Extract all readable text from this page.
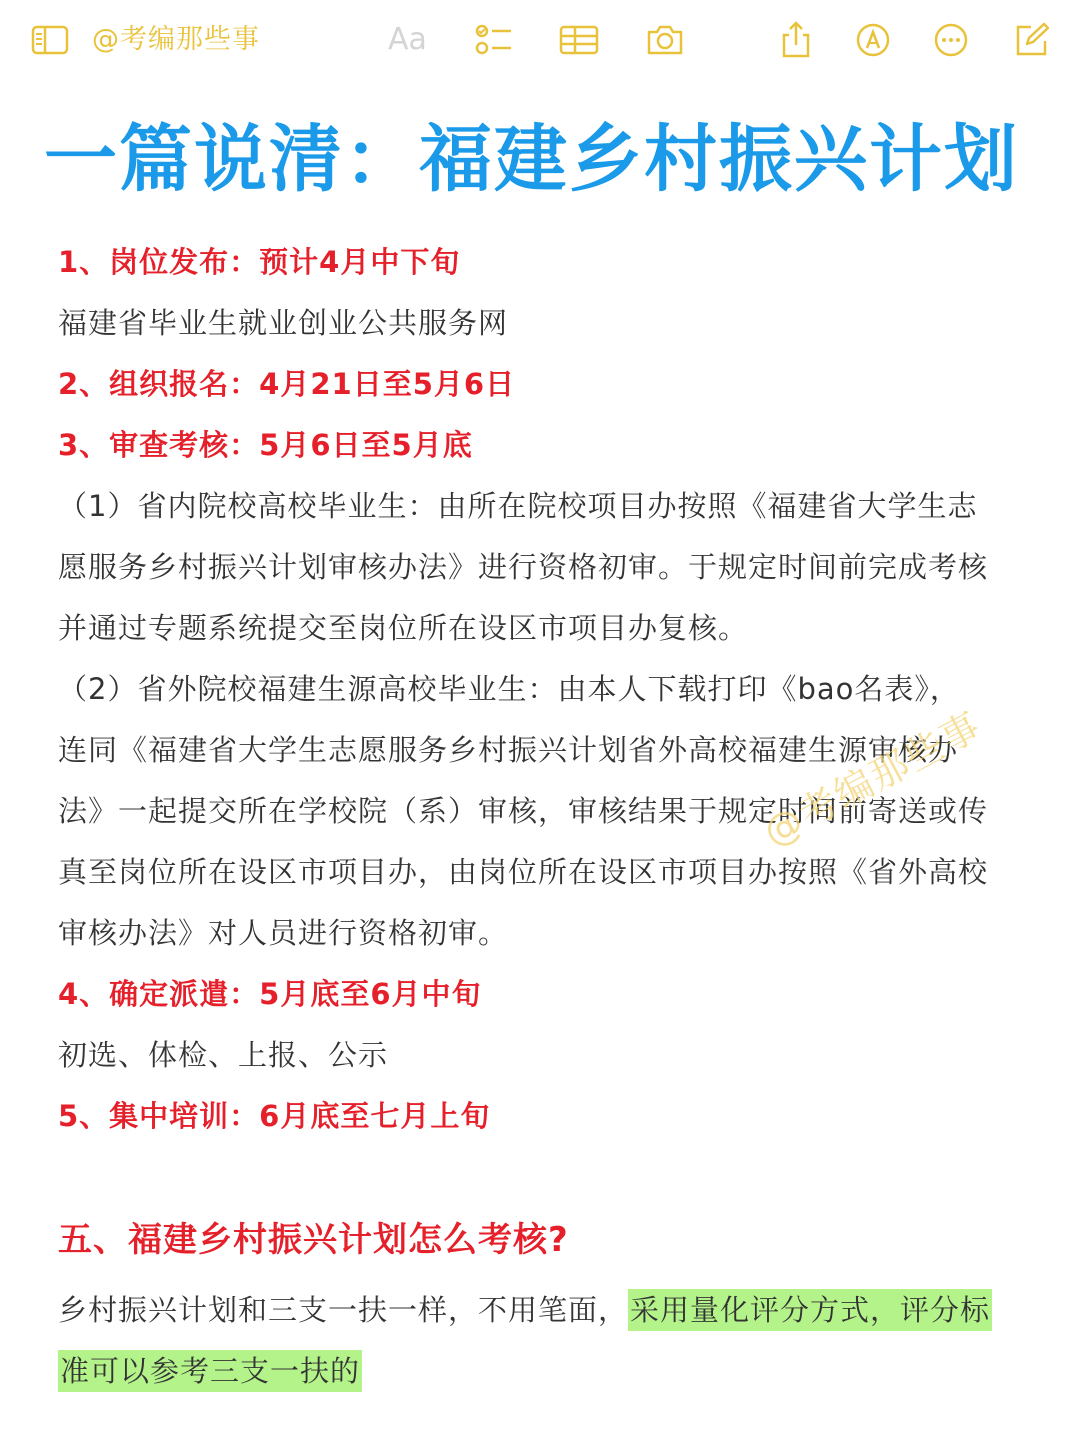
@考编那些事	Aa
一篇说清：福建乡村振兴计划
1、岗位发布：预计4月中下旬
福建省毕业生就业创业公共服务网
2、组织报名：4月21日至5月6日
3、审查考核：5月6日至5月底
（1）省内院校高校毕业生：由所在院校项目办按照《福建省大学生志
愿服务乡村振兴计划审核办法》进行资格初审。于规定时间前完成考核
并通过专题系统提交至岗位所在设区市项目办复核。
（2）省外院校福建生源高校毕业生：由本人下载打印《bao名表》，
连同《福建省大学生志愿服务乡村振兴计划省外高校福建生源审核办
法》一起提交所在学校院（系）审核，审核结果于规定时间前寄送或传
真至岗位所在设区市项目办，由岗位所在设区市项目办按照《省外高校
审核办法》对人员进行资格初审。
4、确定派遣：5月底至6月中旬
初选、体检、上报、公示
5、集中培训：6月底至七月上旬
五、福建乡村振兴计划怎么考核?
乡村振兴计划和三支一扶一样，不用笔面，采用量化评分方式，评分标
准可以参考三支一扶的
@考编那些事
